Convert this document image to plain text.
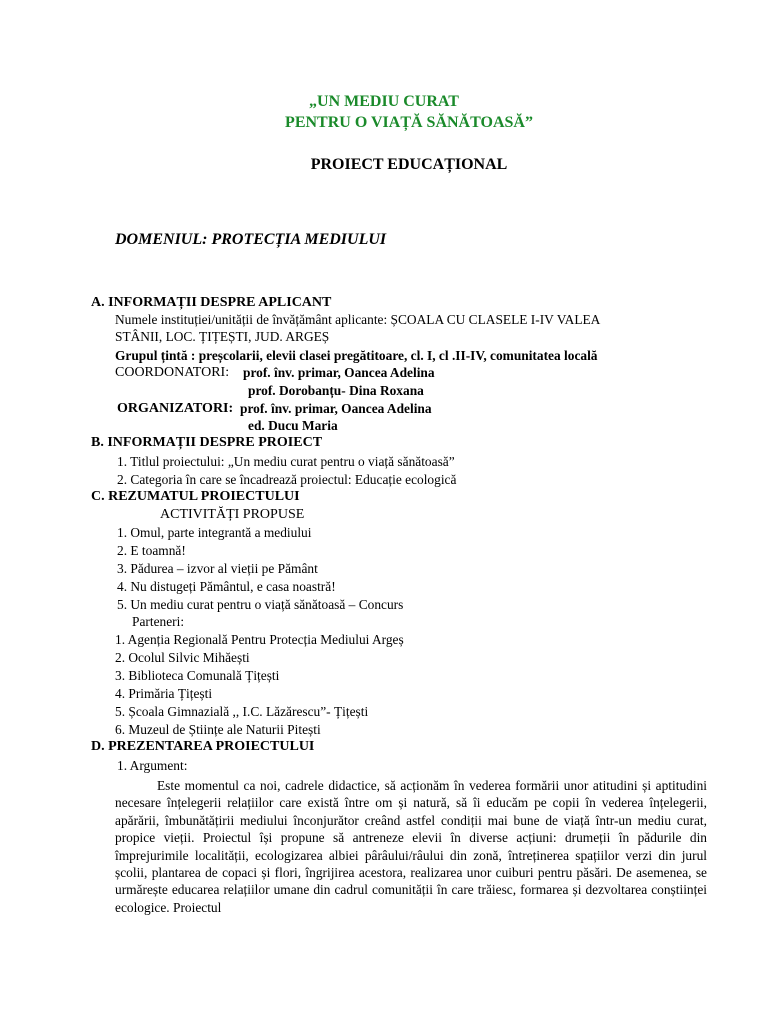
„UN MEDIU CURAT
PENTRU O VIAȚĂ SĂNĂTOASĂ”
PROIECT EDUCAȚIONAL
DOMENIUL: PROTECȚIA MEDIULUI
A. INFORMAȚII DESPRE APLICANT
Numele instituției/unității de învățământ aplicante: ȘCOALA CU CLASELE I-IV VALEA
STÂNII, LOC. ȚIȚEȘTI, JUD. ARGEȘ
Grupul țintă : preșcolarii, elevii clasei pregătitoare, cl. I, cl .II-IV, comunitatea locală
COORDONATORI: prof. înv. primar, Oancea Adelina
prof. Dorobanțu- Dina Roxana
ORGANIZATORI: prof. înv. primar, Oancea Adelina
ed. Ducu Maria
B. INFORMAȚII DESPRE PROIECT
1. Titlul proiectului: „Un mediu curat pentru o viață sănătoasă”
2. Categoria în care se încadrează proiectul: Educație ecologică
C. REZUMATUL PROIECTULUI
ACTIVITĂȚI PROPUSE
1. Omul, parte integrantă a mediului
2. E toamnă!
3. Pădurea – izvor al vieții pe Pământ
4. Nu distugeți Pământul, e casa noastră!
5. Un mediu curat pentru o viață sănătoasă – Concurs
Parteneri:
1. Agenția Regională Pentru Protecția Mediului Argeș
2. Ocolul Silvic Mihăești
3. Biblioteca Comunală Țițești
4. Primăria Țițești
5. Școala Gimnazială ,, I.C. Lăzărescu”- Țițești
6. Muzeul de Științe ale Naturii Pitești
D. PREZENTAREA PROIECTULUI
1. Argument:
Este momentul ca noi, cadrele didactice, să acționăm în vederea formării unor atitudini și aptitudini necesare înțelegerii relațiilor care există între om și natură, să îi educăm pe copii în vederea înțelegerii, apărării, îmbunătățirii mediului înconjurător creând astfel condiții mai bune de viață într-un mediu curat, propice vieții. Proiectul își propune să antreneze elevii în diverse acțiuni: drumeții în pădurile din împrejurimile localității, ecologizarea albiei pârâului/râului din zonă, întreținerea spațiilor verzi din jurul școlii, plantarea de copaci și flori, îngrijirea acestora, realizarea unor cuiburi pentru păsări. De asemenea, se urmărește educarea relațiilor umane din cadrul comunității în care trăiesc, formarea și dezvoltarea conștiinței ecologice. Proiectul
